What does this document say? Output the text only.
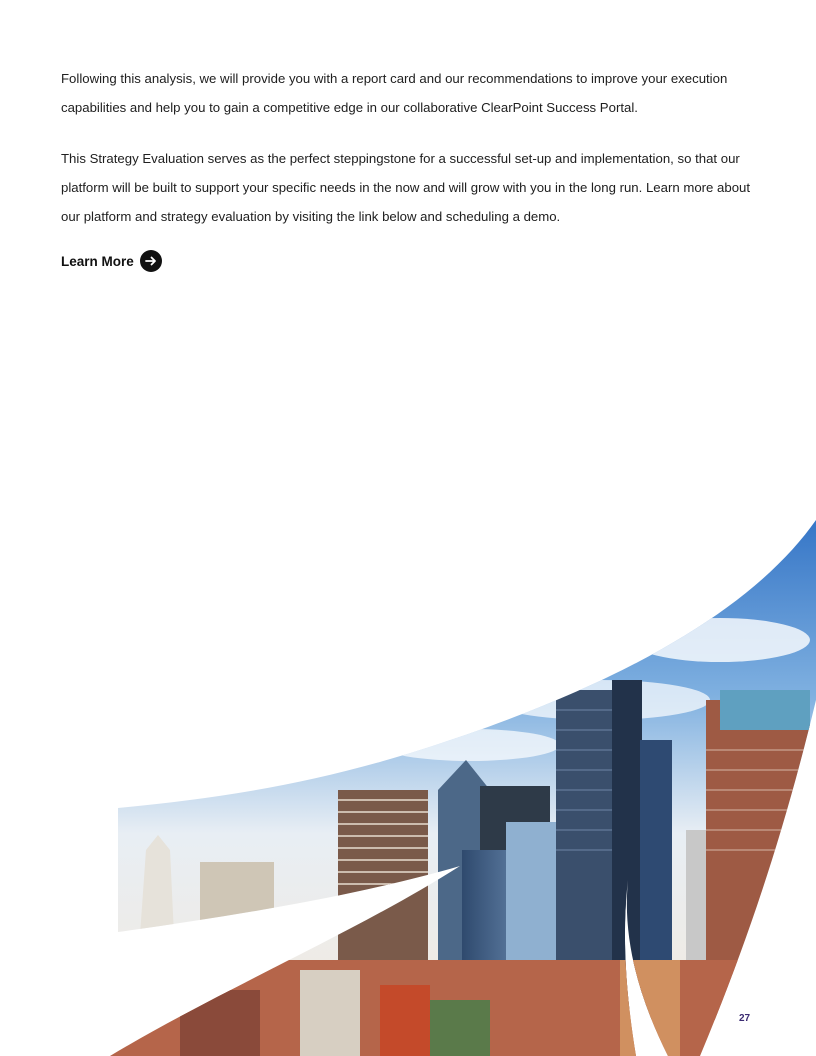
Following this analysis, we will provide you with a report card and our recommendations to improve your execution capabilities and help you to gain a competitive edge in our collaborative ClearPoint Success Portal.

This Strategy Evaluation serves as the perfect steppingstone for a successful set-up and implementation, so that our platform will be built to support your specific needs in the now and will grow with you in the long run. Learn more about our platform and strategy evaluation by visiting the link below and scheduling a demo.

Learn More
27
